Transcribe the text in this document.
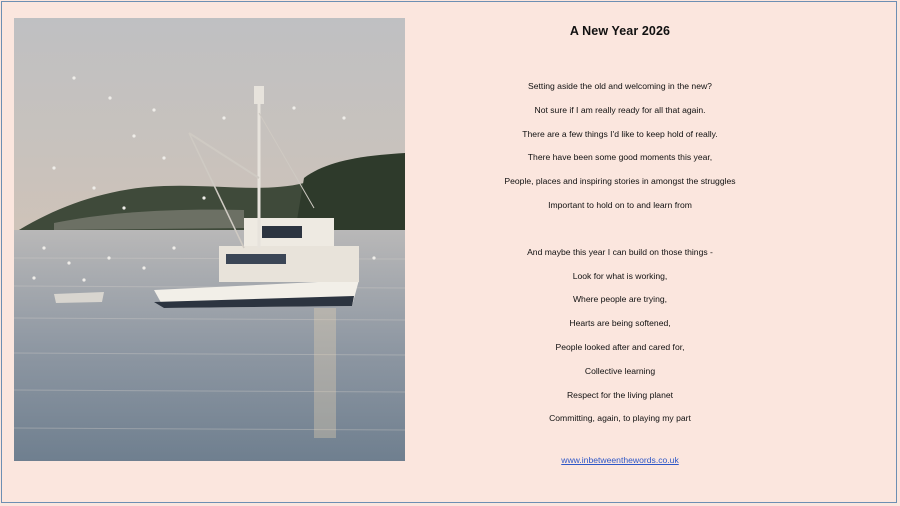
A New Year 2026
Setting aside the old and welcoming in the new?
Not sure if I am really ready for all that again.
There are a few things I'd like to keep hold of really.
There have been some good moments this year,
People, places and inspiring stories in amongst the struggles
Important to hold on to and learn from
And maybe this year I can build on those things -
Look for what is working,
Where people are trying,
Hearts are being softened,
People looked after and cared for,
Collective learning
Respect for the living planet
Committing, again, to playing my part
www.inbetweenthewords.co.uk
